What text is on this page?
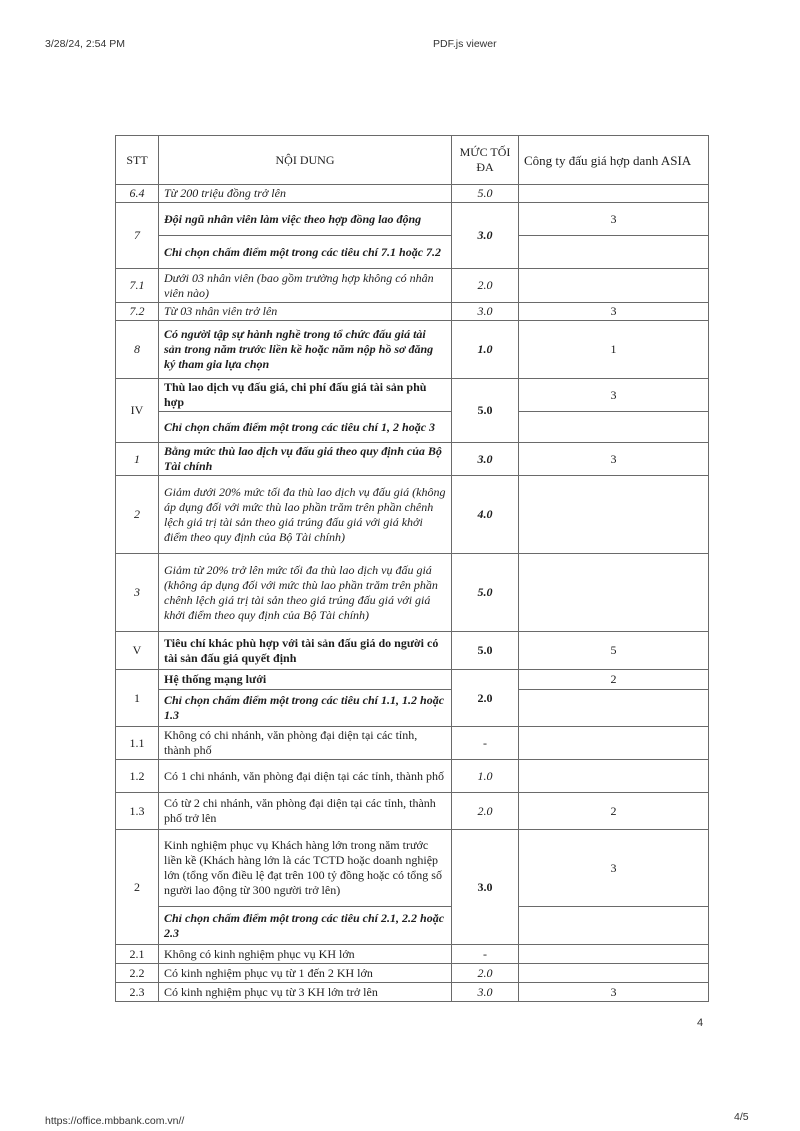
3/28/24, 2:54 PM	PDF.js viewer
STT	NỘI DUNG	MỨC TỐI ĐA	Công ty đấu giá hợp danh ASIA
6.4	Từ 200 triệu đồng trở lên	5.0	
7	Đội ngũ nhân viên làm việc theo hợp đồng lao động	3.0	3
	Chỉ chọn chấm điểm một trong các tiêu chí 7.1 hoặc 7.2		
7.1	Dưới 03 nhân viên (bao gồm trường hợp không có nhân viên nào)	2.0	
7.2	Từ 03 nhân viên trở lên	3.0	3
8	Có người tập sự hành nghề trong tổ chức đấu giá tài sản trong năm trước liền kề hoặc năm nộp hồ sơ đăng ký tham gia lựa chọn	1.0	1
IV	Thù lao dịch vụ đấu giá, chi phí đấu giá tài sản phù hợp	5.0	3
	Chỉ chọn chấm điểm một trong các tiêu chí 1, 2 hoặc 3		
1	Bằng mức thù lao dịch vụ đấu giá theo quy định của Bộ Tài chính	3.0	3
2	Giảm dưới 20% mức tối đa thù lao dịch vụ đấu giá (không áp dụng đối với mức thù lao phần trăm trên phần chênh lệch giá trị tài sản theo giá trúng đấu giá với giá khởi điểm theo quy định của Bộ Tài chính)	4.0	
3	Giảm từ 20% trở lên mức tối đa thù lao dịch vụ đấu giá (không áp dụng đối với mức thù lao phần trăm trên phần chênh lệch giá trị tài sản theo giá trúng đấu giá với giá khởi điểm theo quy định của Bộ Tài chính)	5.0	
V	Tiêu chí khác phù hợp với tài sản đấu giá do người có tài sản đấu giá quyết định	5.0	5
1	Hệ thống mạng lưới	2.0	2
	Chỉ chọn chấm điểm một trong các tiêu chí 1.1, 1.2 hoặc 1.3		
1.1	Không có chi nhánh, văn phòng đại diện tại các tỉnh, thành phố	-	
1.2	Có 1 chi nhánh, văn phòng đại diện tại các tỉnh, thành phố	1.0	
1.3	Có từ 2 chi nhánh, văn phòng đại diện tại các tỉnh, thành phố trở lên	2.0	2
2	Kinh nghiệm phục vụ Khách hàng lớn trong năm trước liền kề (Khách hàng lớn là các TCTD hoặc doanh nghiệp lớn (tổng vốn điều lệ đạt trên 100 tỷ đồng hoặc có tổng số người lao động từ 300 người trở lên)	3.0	3
	Chỉ chọn chấm điểm một trong các tiêu chí 2.1, 2.2 hoặc 2.3		
2.1	Không có kinh nghiệm phục vụ KH lớn	-	
2.2	Có kinh nghiệm phục vụ từ 1 đến 2 KH lớn	2.0	
2.3	Có kinh nghiệm phục vụ từ 3 KH lớn trở lên	3.0	3
4
https://office.mbbank.com.vn//	4/5
